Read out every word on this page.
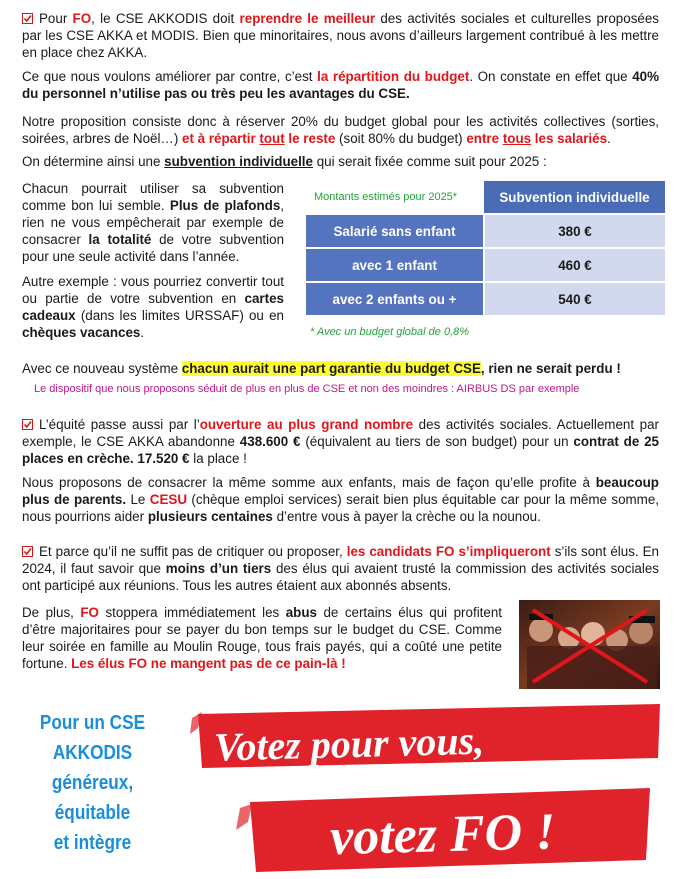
Pour FO, le CSE AKKODIS doit reprendre le meilleur des activités sociales et culturelles proposées par les CSE AKKA et MODIS. Bien que minoritaires, nous avons d’ailleurs largement contribué à les mettre en place chez AKKA.

Ce que nous voulons améliorer par contre, c’est la répartition du budget. On constate en effet que 40% du personnel n’utilise pas ou très peu les avantages du CSE.

Notre proposition consiste donc à réserver 20% du budget global pour les activités collectives (sorties, soirées, arbres de Noël…) et à répartir tout le reste (soit 80% du budget) entre tous les salariés.

On détermine ainsi une subvention individuelle qui serait fixée comme suit pour 2025 :

Chacun pourrait utiliser sa subvention comme bon lui semble. Plus de plafonds, rien ne vous empêcherait par exemple de consacrer la totalité de votre subvention pour une seule activité dans l’année.

Autre exemple : vous pourriez convertir tout ou partie de votre subvention en cartes cadeaux (dans les limites URSSAF) ou en chèques vacances.

Montants estimés pour 2025*	Subvention individuelle
Salarié sans enfant	380 €
avec 1 enfant	460 €
avec 2 enfants ou +	540 €
* Avec un budget global de 0,8%

Avec ce nouveau système chacun aurait une part garantie du budget CSE, rien ne serait perdu !

Le dispositif que nous proposons séduit de plus en plus de CSE et non des moindres : AIRBUS DS par exemple

L’équité passe aussi par l’ouverture au plus grand nombre des activités sociales. Actuellement par exemple, le CSE AKKA abandonne 438.600 € (équivalent au tiers de son budget) pour un contrat de 25 places en crèche. 17.520 € la place !

Nous proposons de consacrer la même somme aux enfants, mais de façon qu’elle profite à beaucoup plus de parents. Le CESU (chèque emploi services) serait bien plus équitable car pour la même somme, nous pourrions aider plusieurs centaines d’entre vous à payer la crèche ou la nounou.

Et parce qu’il ne suffit pas de critiquer ou proposer, les candidats FO s’impliqueront s’ils sont élus. En 2024, il faut savoir que moins d’un tiers des élus qui avaient trusté la commission des activités sociales ont participé aux réunions. Tous les autres étaient aux abonnés absents.

De plus, FO stoppera immédiatement les abus de certains élus qui profitent d’être majoritaires pour se payer du bon temps sur le budget du CSE. Comme leur soirée en famille au Moulin Rouge, tous frais payés, qui a coûté une petite fortune. Les élus FO ne mangent pas de ce pain-là !

Pour un CSE
AKKODIS
généreux,
équitable
et intègre
Votez pour vous,
votez FO !
